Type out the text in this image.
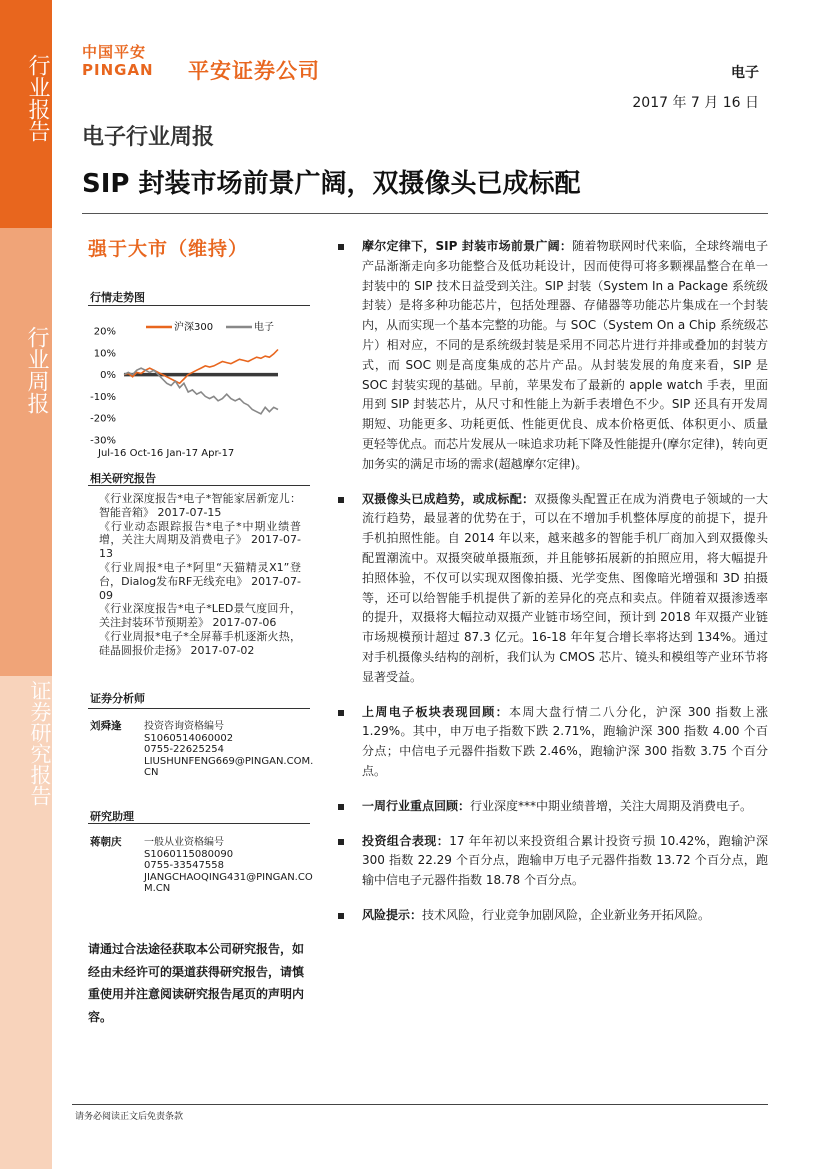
行业报告
行业周报
证券研究报告
中国平安
PINGAN 平安证券公司	电子
2017 年 7 月 16 日
电子行业周报
SIP 封装市场前景广阔，双摄像头已成标配
强于大市（维持）
行情走势图
沪深300	电子
20%
10%
0%
-10%
-20%
-30%
Jul-16 Oct-16 Jan-17 Apr-17
相关研究报告

《行业深度报告*电子*智能家居新宠儿：智能音箱》 2017-07-15

《行业动态跟踪报告*电子*中期业绩普增，关注大周期及消费电子》 2017-07-13

《行业周报*电子*阿里“天猫精灵X1”登台，Dialog发布RF无线充电》 2017-07-09

《行业深度报告*电子*LED景气度回升，关注封装环节预期差》 2017-07-06

《行业周报*电子*全屏幕手机逐渐火热，硅晶圆报价走扬》 2017-07-02

证券分析师
刘舜逢 投资咨询资格编号
S1060514060002
0755-22625254
LIUSHUNFENG669@PINGAN.COM.
CN
研究助理
蒋朝庆 一般从业资格编号
S1060115080090
0755-33547558
JIANGCHAOQING431@PINGAN.CO
M.CN
请通过合法途径获取本公司研究报告，如经由未经许可的渠道获得研究报告，请慎重使用并注意阅读研究报告尾页的声明内容。
摩尔定律下，SIP 封装市场前景广阔：随着物联网时代来临，全球终端电子产品渐渐走向多功能整合及低功耗设计，因而使得可将多颗裸晶整合在单一封装中的 SIP 技术日益受到关注。SIP 封装（System In a Package 系统级封装）是将多种功能芯片，包括处理器、存储器等功能芯片集成在一个封装内，从而实现一个基本完整的功能。与 SOC（System On a Chip 系统级芯片）相对应，不同的是系统级封装是采用不同芯片进行并排或叠加的封装方式，而 SOC 则是高度集成的芯片产品。从封装发展的角度来看，SIP 是 SOC 封装实现的基础。早前，苹果发布了最新的 apple watch 手表，里面用到 SIP 封装芯片，从尺寸和性能上为新手表增色不少。SIP 还具有开发周期短、功能更多、功耗更低、性能更优良、成本价格更低、体积更小、质量更轻等优点。而芯片发展从一味追求功耗下降及性能提升(摩尔定律)，转向更加务实的满足市场的需求(超越摩尔定律)。
双摄像头已成趋势，或成标配：双摄像头配置正在成为消费电子领域的一大流行趋势，最显著的优势在于，可以在不增加手机整体厚度的前提下，提升手机拍照性能。自 2014 年以来，越来越多的智能手机厂商加入到双摄像头配置潮流中。双摄突破单摄瓶颈，并且能够拓展新的拍照应用，将大幅提升拍照体验，不仅可以实现双图像拍摄、光学变焦、图像暗光增强和 3D 拍摄等，还可以给智能手机提供了新的差异化的亮点和卖点。伴随着双摄渗透率的提升，双摄将大幅拉动双摄产业链市场空间，预计到 2018 年双摄产业链市场规模预计超过 87.3 亿元。16-18 年年复合增长率将达到 134%。通过对手机摄像头结构的剖析，我们认为 CMOS 芯片、镜头和模组等产业环节将显著受益。
上周电子板块表现回顾：本周大盘行情二八分化，沪深 300 指数上涨 1.29%。其中，申万电子指数下跌 2.71%，跑输沪深 300 指数 4.00 个百分点；中信电子元器件指数下跌 2.46%，跑输沪深 300 指数 3.75 个百分点。
一周行业重点回顾：行业深度***中期业绩普增，关注大周期及消费电子。
投资组合表现：17 年年初以来投资组合累计投资亏损 10.42%，跑输沪深 300 指数 22.29 个百分点，跑输申万电子元器件指数 13.72 个百分点，跑输中信电子元器件指数 18.78 个百分点。
风险提示：技术风险，行业竞争加剧风险，企业新业务开拓风险。
请务必阅读正文后免责条款
